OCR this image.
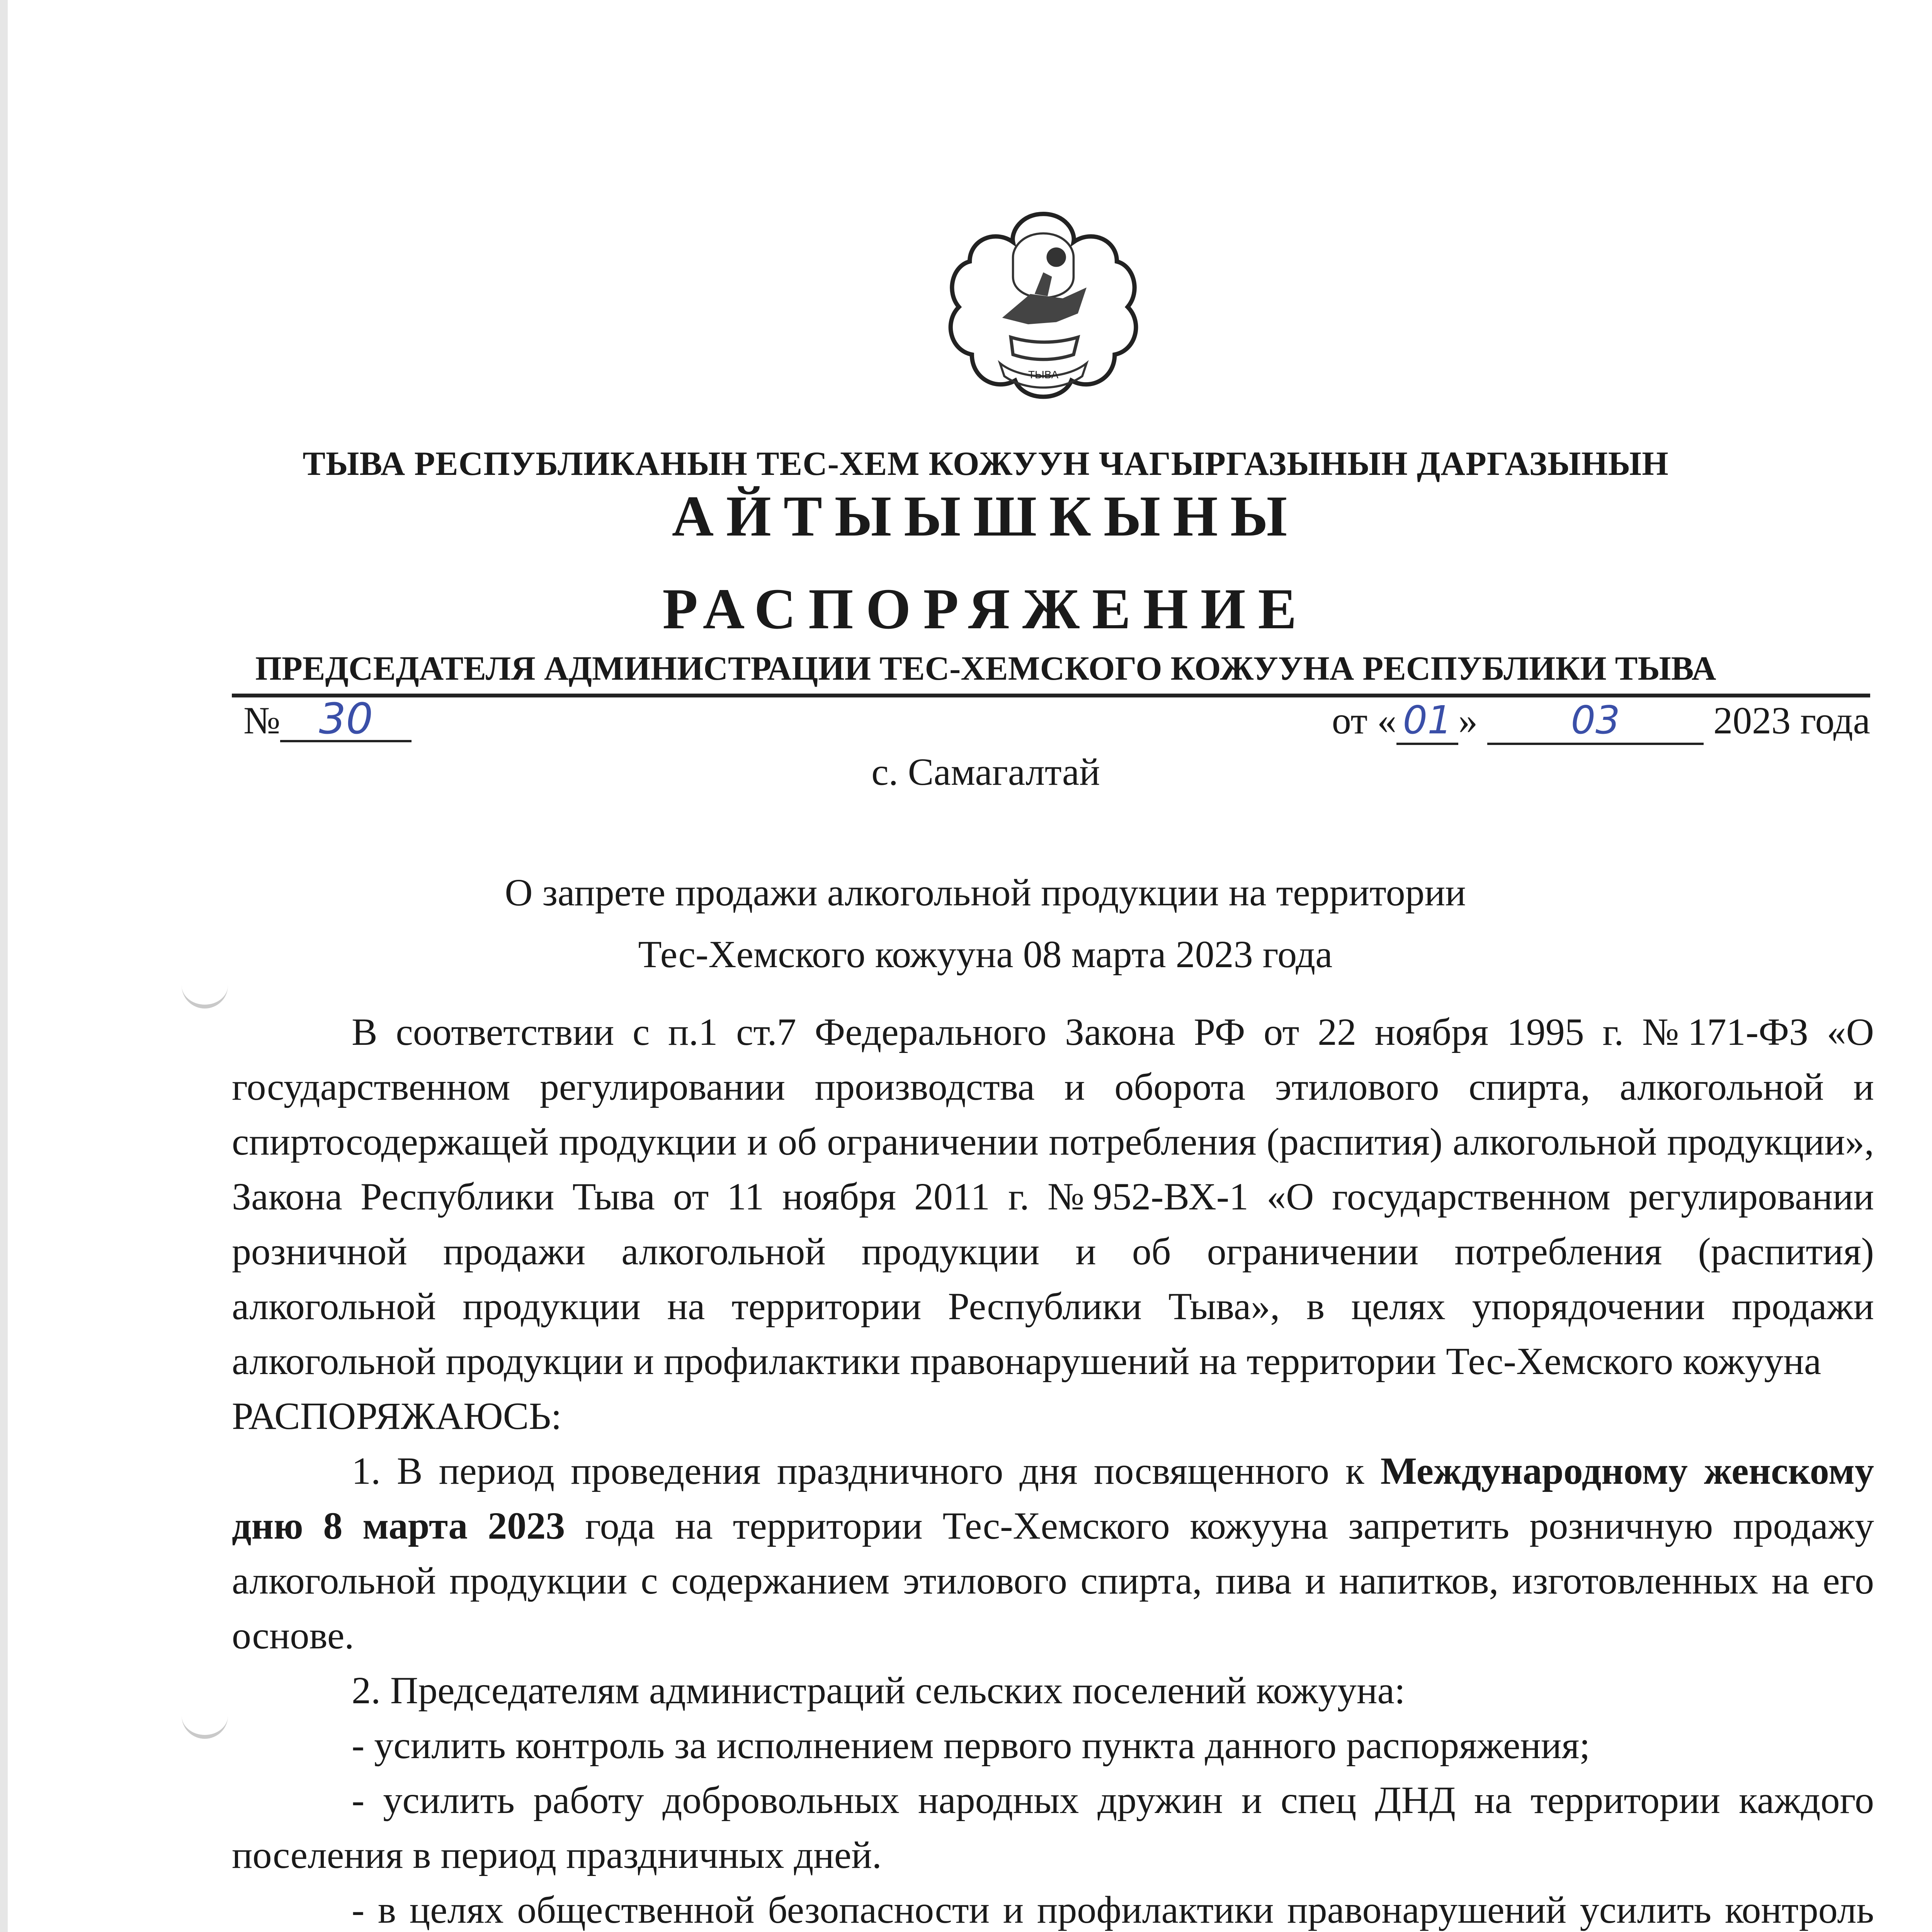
ТЫВА
ТЫВА РЕСПУБЛИКАНЫН ТЕС-ХЕМ КОЖУУН ЧАГЫРГАЗЫНЫН ДАРГАЗЫНЫН
АЙТЫЫШКЫНЫ
РАСПОРЯЖЕНИЕ
ПРЕДСЕДАТЕЛЯ АДМИНИСТРАЦИИ ТЕС-ХЕМСКОГО КОЖУУНА РЕСПУБЛИКИ ТЫВА
№ 30	от « 01 » 03 2023 года
с. Самагалтай
О запрете продажи алкогольной продукции на территории
Тес-Хемского кожууна 08 марта 2023 года

В соответствии с п.1 ст.7 Федерального Закона РФ от 22 ноября 1995 г. №171-ФЗ «О государственном регулировании производства и оборота этилового спирта, алкогольной и спиртосодержащей продукции и об ограничении потребления (распития) алкогольной продукции», Закона Республики Тыва от 11 ноября 2011 г. №952-ВХ-1 «О государственном регулировании розничной продажи алкогольной продукции и об ограничении потребления (распития) алкогольной продукции на территории Республики Тыва», в целях упорядочении продажи алкогольной продукции и профилактики правонарушений на территории Тес-Хемского кожууна

РАСПОРЯЖАЮСЬ:

1. В период проведения праздничного дня посвященного к Международному женскому дню 8 марта 2023 года на территории Тес-Хемского кожууна запретить розничную продажу алкогольной продукции с содержанием этилового спирта, пива и напитков, изготовленных на его основе.

2. Председателям администраций сельских поселений кожууна:

- усилить контроль за исполнением первого пункта данного распоряжения;

- усилить работу добровольных народных дружин и спец ДНД на территории каждого поселения в период праздничных дней.

- в целях общественной безопасности и профилактики правонарушений усилить контроль
